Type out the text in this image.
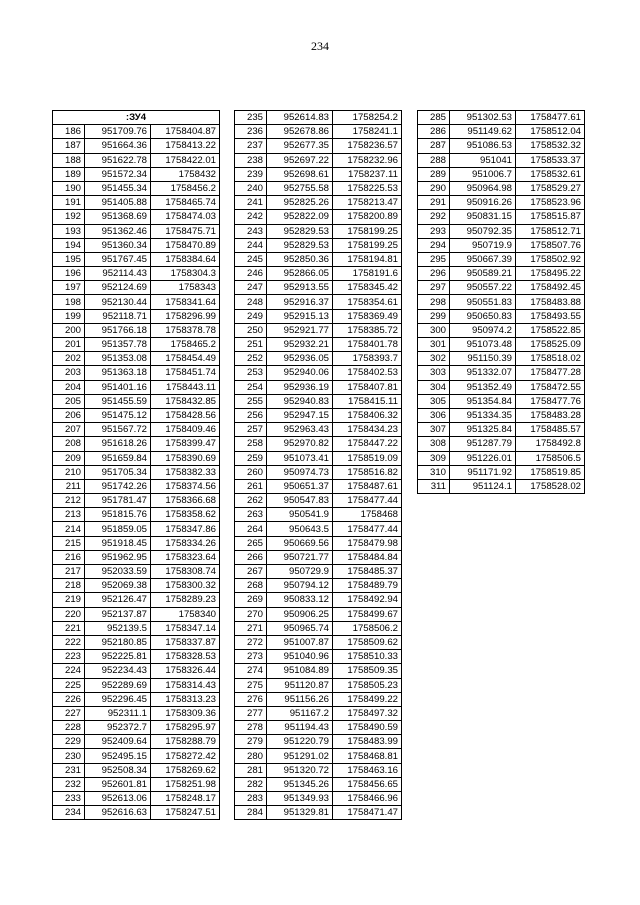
234
:ЗУ4		
186	951709.76	1758404.87
187	951664.36	1758413.22
188	951622.78	1758422.01
189	951572.34	1758432
190	951455.34	1758456.2
191	951405.88	1758465.74
192	951368.69	1758474.03
193	951362.46	1758475.71
194	951360.34	1758470.89
195	951767.45	1758384.64
196	952114.43	1758304.3
197	952124.69	1758343
198	952130.44	1758341.64
199	952118.71	1758296.99
200	951766.18	1758378.78
201	951357.78	1758465.2
202	951353.08	1758454.49
203	951363.18	1758451.74
204	951401.16	1758443.11
205	951455.59	1758432.85
206	951475.12	1758428.56
207	951567.72	1758409.46
208	951618.26	1758399.47
209	951659.84	1758390.69
210	951705.34	1758382.33
211	951742.26	1758374.56
212	951781.47	1758366.68
213	951815.76	1758358.62
214	951859.05	1758347.86
215	951918.45	1758334.26
216	951962.95	1758323.64
217	952033.59	1758308.74
218	952069.38	1758300.32
219	952126.47	1758289.23
220	952137.87	1758340
221	952139.5	1758347.14
222	952180.85	1758337.87
223	952225.81	1758328.53
224	952234.43	1758326.44
225	952289.69	1758314.43
226	952296.45	1758313.23
227	952311.1	1758309.36
228	952372.7	1758295.97
229	952409.64	1758288.79
230	952495.15	1758272.42
231	952508.34	1758269.62
232	952601.81	1758251.98
233	952613.06	1758248.17
234	952616.63	1758247.51
235	952614.83	1758254.2
236	952678.86	1758241.1
237	952677.35	1758236.57
238	952697.22	1758232.96
239	952698.61	1758237.11
240	952755.58	1758225.53
241	952825.26	1758213.47
242	952822.09	1758200.89
243	952829.53	1758199.25
244	952829.53	1758199.25
245	952850.36	1758194.81
246	952866.05	1758191.6
247	952913.55	1758345.42
248	952916.37	1758354.61
249	952915.13	1758369.49
250	952921.77	1758385.72
251	952932.21	1758401.78
252	952936.05	1758393.7
253	952940.06	1758402.53
254	952936.19	1758407.81
255	952940.83	1758415.11
256	952947.15	1758406.32
257	952963.43	1758434.23
258	952970.82	1758447.22
259	951073.41	1758519.09
260	950974.73	1758516.82
261	950651.37	1758487.61
262	950547.83	1758477.44
263	950541.9	1758468
264	950643.5	1758477.44
265	950669.56	1758479.98
266	950721.77	1758484.84
267	950729.9	1758485.37
268	950794.12	1758489.79
269	950833.12	1758492.94
270	950906.25	1758499.67
271	950965.74	1758506.2
272	951007.87	1758509.62
273	951040.96	1758510.33
274	951084.89	1758509.35
275	951120.87	1758505.23
276	951156.26	1758499.22
277	951167.2	1758497.32
278	951194.43	1758490.59
279	951220.79	1758483.99
280	951291.02	1758468.81
281	951320.72	1758463.16
282	951345.26	1758456.65
283	951349.93	1758466.96
284	951329.81	1758471.47
285	951302.53	1758477.61
286	951149.62	1758512.04
287	951086.53	1758532.32
288	951041	1758533.37
289	951006.7	1758532.61
290	950964.98	1758529.27
291	950916.26	1758523.96
292	950831.15	1758515.87
293	950792.35	1758512.71
294	950719.9	1758507.76
295	950667.39	1758502.92
296	950589.21	1758495.22
297	950557.22	1758492.45
298	950551.83	1758483.88
299	950650.83	1758493.55
300	950974.2	1758522.85
301	951073.48	1758525.09
302	951150.39	1758518.02
303	951332.07	1758477.28
304	951352.49	1758472.55
305	951354.84	1758477.76
306	951334.35	1758483.28
307	951325.84	1758485.57
308	951287.79	1758492.8
309	951226.01	1758506.5
310	951171.92	1758519.85
311	951124.1	1758528.02
